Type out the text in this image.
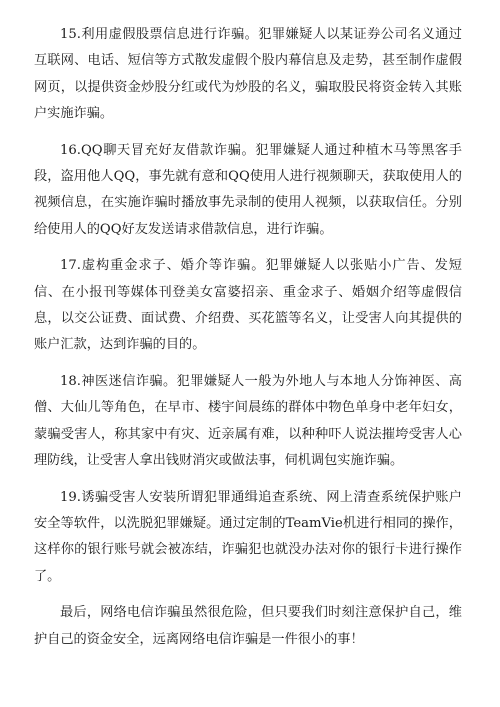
15.利用虚假股票信息进行诈骗。犯罪嫌疑人以某证券公司名义通过互联网、电话、短信等方式散发虚假个股内幕信息及走势，甚至制作虚假网页，以提供资金炒股分红或代为炒股的名义，骗取股民将资金转入其账户实施诈骗。

16.QQ聊天冒充好友借款诈骗。犯罪嫌疑人通过种植木马等黑客手段，盗用他人QQ，事先就有意和QQ使用人进行视频聊天，获取使用人的视频信息，在实施诈骗时播放事先录制的使用人视频，以获取信任。分别给使用人的QQ好友发送请求借款信息，进行诈骗。

17.虚构重金求子、婚介等诈骗。犯罪嫌疑人以张贴小广告、发短信、在小报刊等媒体刊登美女富婆招亲、重金求子、婚姻介绍等虚假信息，以交公证费、面试费、介绍费、买花篮等名义，让受害人向其提供的账户汇款，达到诈骗的目的。

18.神医迷信诈骗。犯罪嫌疑人一般为外地人与本地人分饰神医、高僧、大仙儿等角色，在早市、楼宇间晨练的群体中物色单身中老年妇女，蒙骗受害人，称其家中有灾、近亲属有难，以种种吓人说法摧垮受害人心理防线，让受害人拿出钱财消灾或做法事，伺机调包实施诈骗。

19.诱骗受害人安装所谓犯罪通缉追查系统、网上清查系统保护账户安全等软件，以洗脱犯罪嫌疑。通过定制的TeamVie机进行相同的操作，这样你的银行账号就会被冻结，诈骗犯也就没办法对你的银行卡进行操作了。

最后，网络电信诈骗虽然很危险，但只要我们时刻注意保护自己，维护自己的资金安全，远离网络电信诈骗是一件很小的事！
